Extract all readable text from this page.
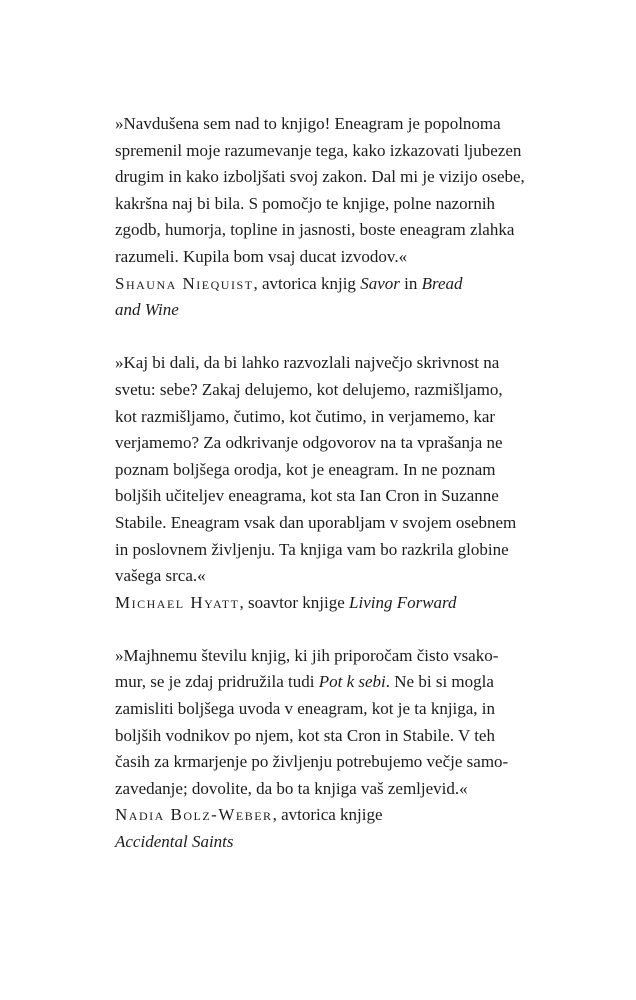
»Navdušena sem nad to knjigo! Eneagram je popolnoma
spremenil moje razumevanje tega, kako izkazovati ljubezen
drugim in kako izboljšati svoj zakon. Dal mi je vizijo osebe,
kakršna naj bi bila. S pomočjo te knjige, polne nazornih
zgodb, humorja, topline in jasnosti, boste eneagram zlahka
razumeli. Kupila bom vsaj ducat izvodov.«

Shauna Niequist, avtorica knjig Savor in Bread
and Wine

»Kaj bi dali, da bi lahko razvozlali največjo skrivnost na
svetu: sebe? Zakaj delujemo, kot delujemo, razmišljamo,
kot razmišljamo, čutimo, kot čutimo, in verjamemo, kar
verjamemo? Za odkrivanje odgovorov na ta vprašanja ne
poznam boljšega orodja, kot je eneagram. In ne poznam
boljših učiteljev eneagrama, kot sta Ian Cron in Suzanne
Stabile. Eneagram vsak dan uporabljam v svojem osebnem
in poslovnem življenju. Ta knjiga vam bo razkrila globine
vašega srca.«

Michael Hyatt, soavtor knjige Living Forward

»Majhnemu številu knjig, ki jih priporočam čisto vsako-
mur, se je zdaj pridružila tudi Pot k sebi. Ne bi si mogla
zamisliti boljšega uvoda v eneagram, kot je ta knjiga, in
boljših vodnikov po njem, kot sta Cron in Stabile. V teh
časih za krmarjenje po življenju potrebujemo večje samo-
zavedanje; dovolite, da bo ta knjiga vaš zemljevid.«

Nadia Bolz-Weber, avtorica knjige
Accidental Saints
